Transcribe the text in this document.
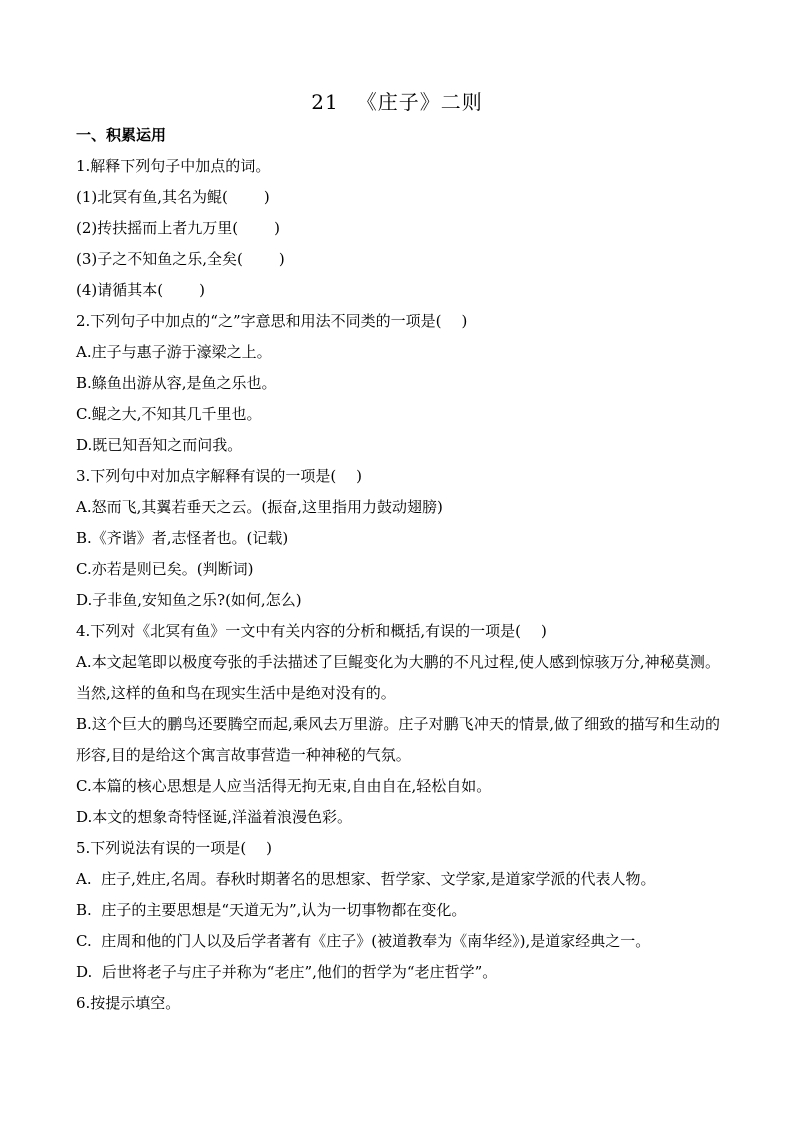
21 《庄子》二则
一、积累运用
1.解释下列句子中加点的词。
(1)北冥有鱼,其名为鲲( )
(2)抟扶摇而上者九万里( )
(3)子之不知鱼之乐,全矣( )
(4)请循其本( )
2.下列句子中加点的“之”字意思和用法不同类的一项是( )
A.庄子与惠子游于濠梁之上。
B.鲦鱼出游从容,是鱼之乐也。
C.鲲之大,不知其几千里也。
D.既已知吾知之而问我。
3.下列句中对加点字解释有误的一项是( )
A.怒而飞,其翼若垂天之云。(振奋,这里指用力鼓动翅膀)
B.《齐谐》者,志怪者也。(记载)
C.亦若是则已矣。(判断词)
D.子非鱼,安知鱼之乐?(如何,怎么)
4.下列对《北冥有鱼》一文中有关内容的分析和概括,有误的一项是( )
A.本文起笔即以极度夸张的手法描述了巨鲲变化为大鹏的不凡过程,使人感到惊骇万分,神秘莫测。当然,这样的鱼和鸟在现实生活中是绝对没有的。
B.这个巨大的鹏鸟还要腾空而起,乘风去万里游。庄子对鹏飞冲天的情景,做了细致的描写和生动的形容,目的是给这个寓言故事营造一种神秘的气氛。
C.本篇的核心思想是人应当活得无拘无束,自由自在,轻松自如。
D.本文的想象奇特怪诞,洋溢着浪漫色彩。
5.下列说法有误的一项是( )
A.  庄子,姓庄,名周。春秋时期著名的思想家、哲学家、文学家,是道家学派的代表人物。
B.  庄子的主要思想是“天道无为”,认为一切事物都在变化。
C.  庄周和他的门人以及后学者著有《庄子》(被道教奉为《南华经》),是道家经典之一。
D.  后世将老子与庄子并称为“老庄”,他们的哲学为“老庄哲学”。
6.按提示填空。
